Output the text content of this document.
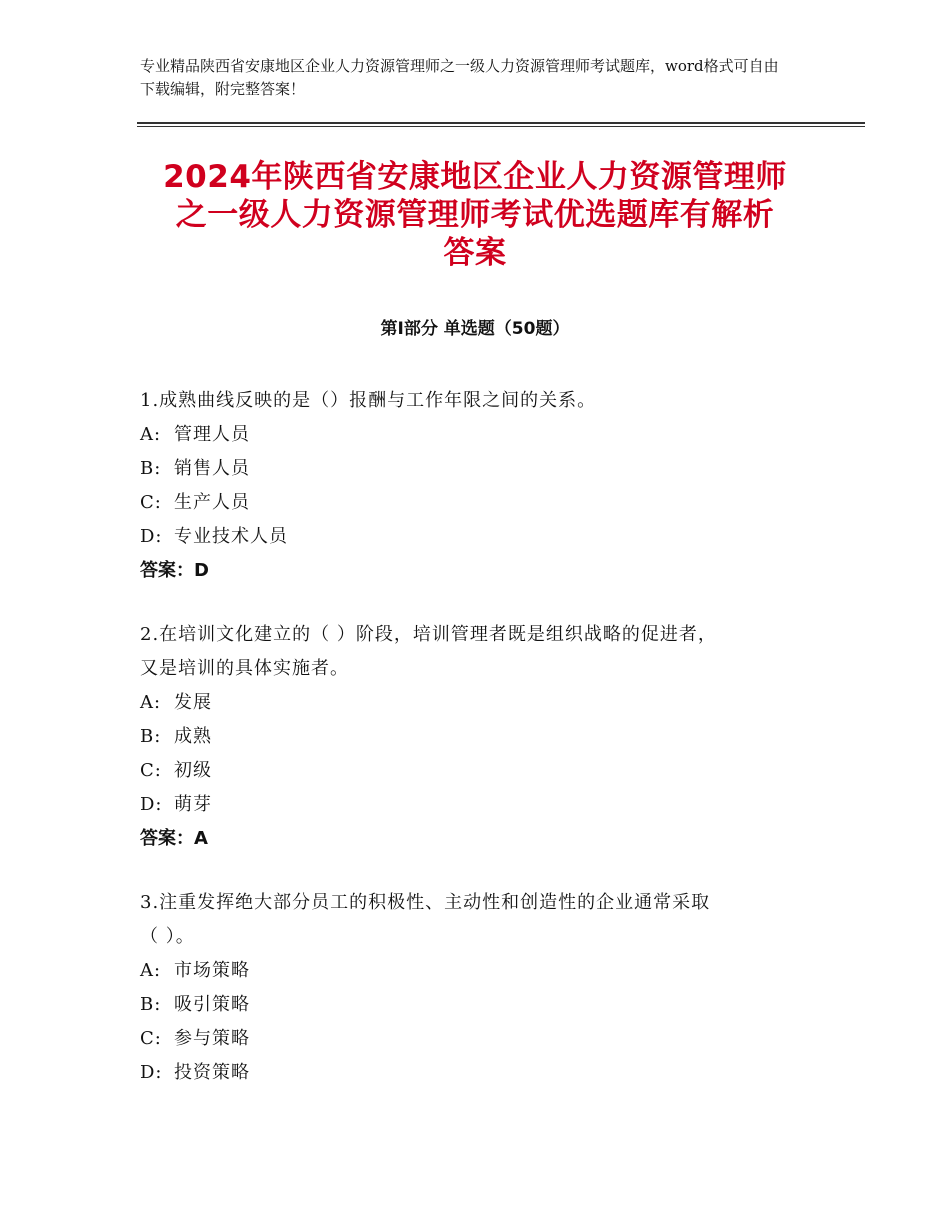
专业精品陕西省安康地区企业人力资源管理师之一级人力资源管理师考试题库，word格式可自由下载编辑，附完整答案！
2024年陕西省安康地区企业人力资源管理师
之一级人力资源管理师考试优选题库有解析
答案
第Ⅰ部分 单选题（50题）
1.成熟曲线反映的是（）报酬与工作年限之间的关系。
A: 管理人员
B: 销售人员
C: 生产人员
D: 专业技术人员
答案：D
2.在培训文化建立的（ ）阶段，培训管理者既是组织战略的促进者，
又是培训的具体实施者。
A: 发展
B: 成熟
C: 初级
D: 萌芽
答案：A
3.注重发挥绝大部分员工的积极性、主动性和创造性的企业通常采取
（ ）。
A: 市场策略
B: 吸引策略
C: 参与策略
D: 投资策略
